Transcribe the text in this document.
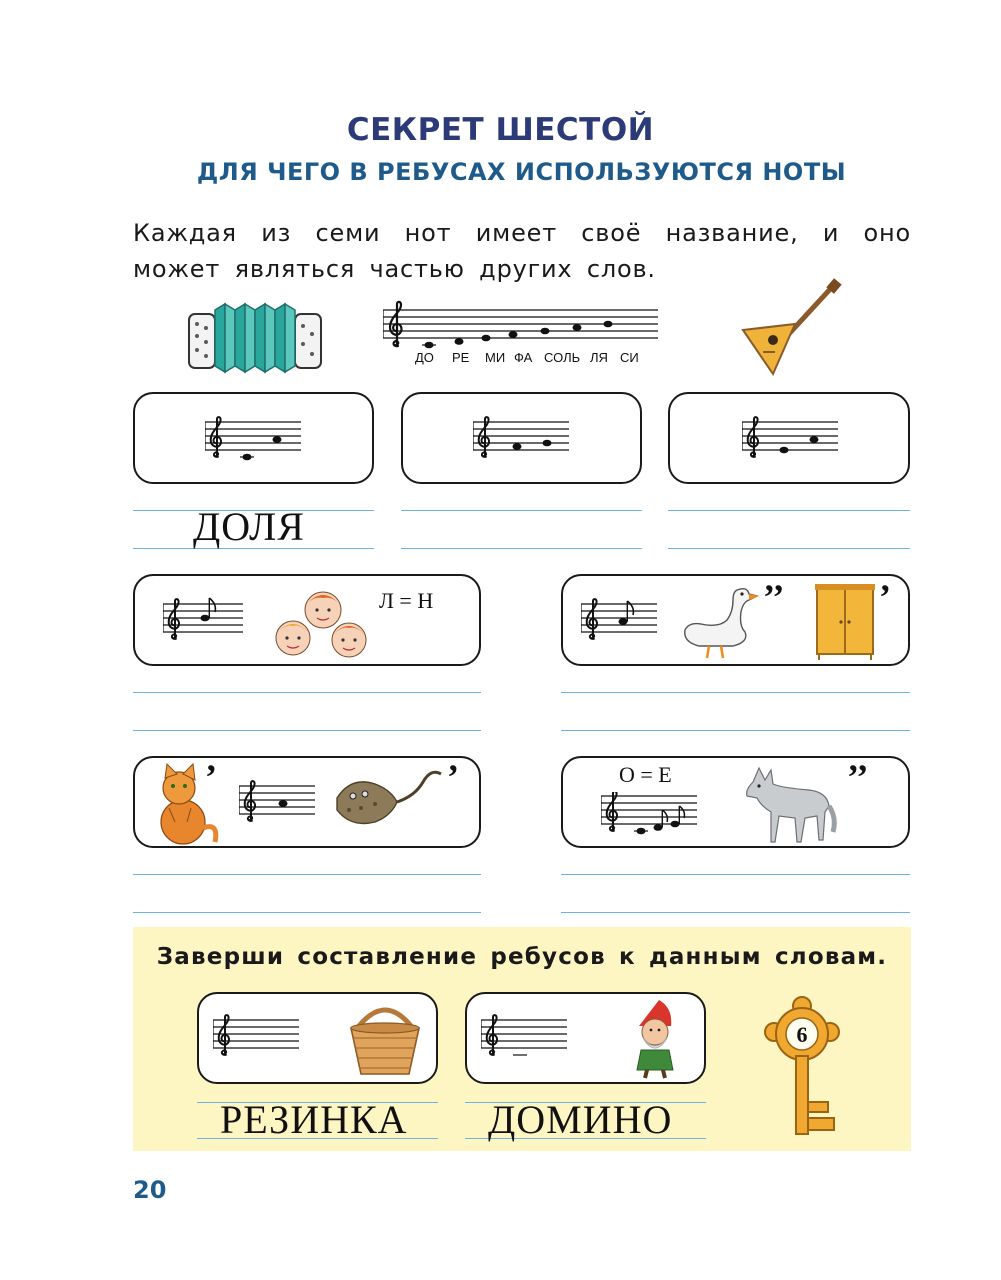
СЕКРЕТ ШЕСТОЙ
ДЛЯ ЧЕГО В РЕБУСАХ ИСПОЛЬЗУЮТСЯ НОТЫ
Каждая из семи нот имеет своё название, и оно может являться частью других слов.
ДО РЕ МИ ФА СОЛЬ ЛЯ СИ
ДОЛЯ
Л = Н	’’	’
’	’	О = Е	’’
Заверши составление ребусов к данным словам.
РЕЗИНКА ДОМИНО
6
20
